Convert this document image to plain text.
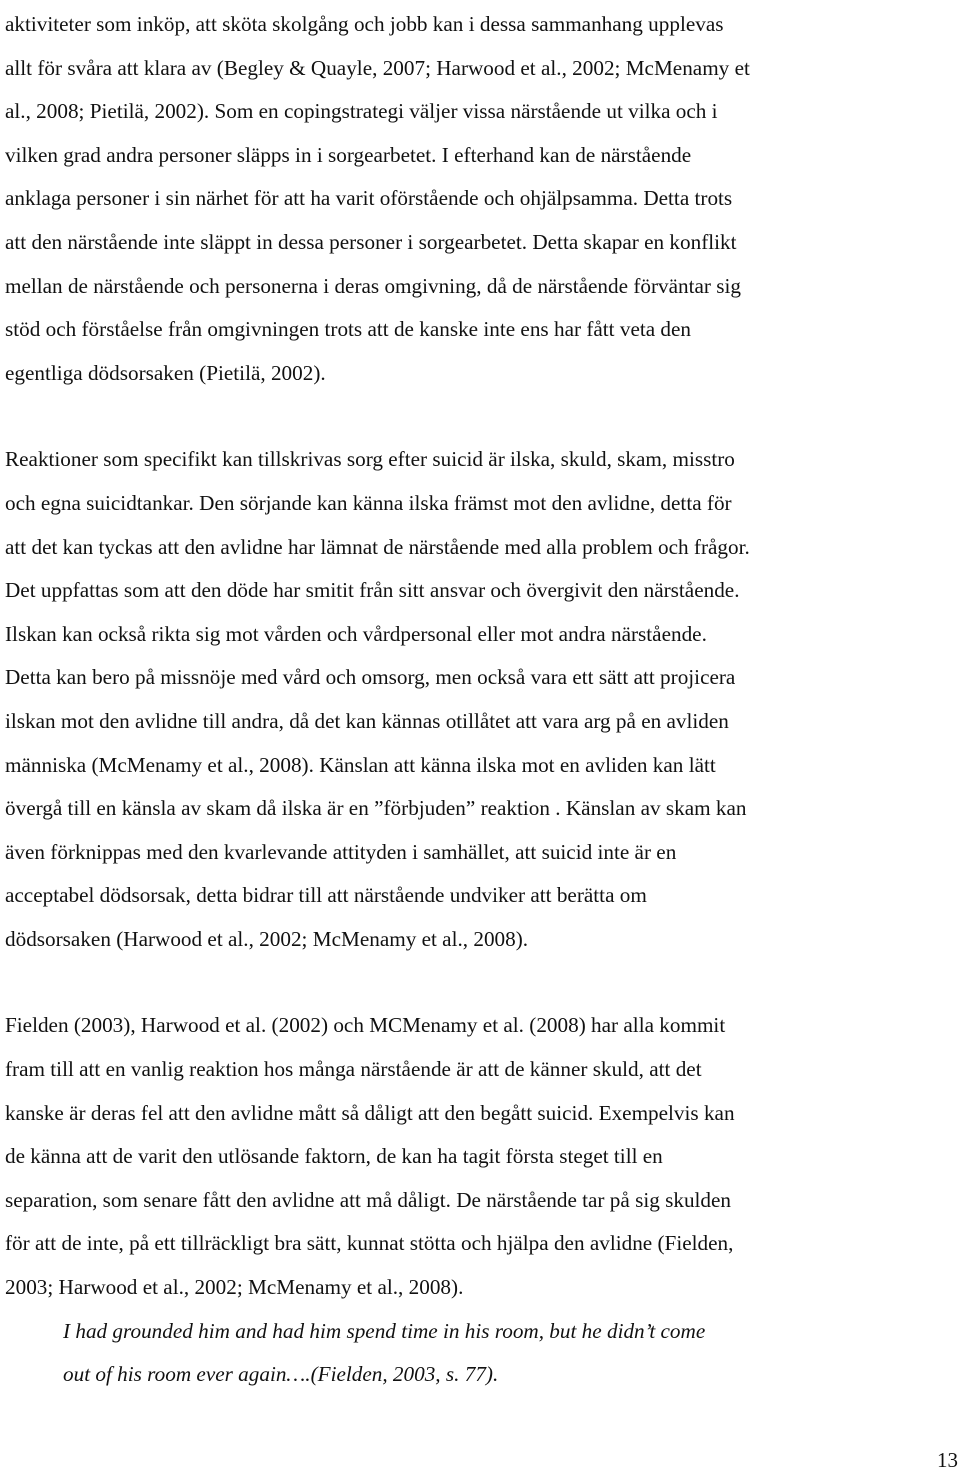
aktiviteter som inköp, att sköta skolgång och jobb kan i dessa sammanhang upplevas
allt för svåra att klara av (Begley & Quayle, 2007; Harwood et al., 2002; McMenamy et
al., 2008; Pietilä, 2002). Som en copingstrategi väljer vissa närstående ut vilka och i
vilken grad andra personer släpps in i sorgearbetet. I efterhand kan de närstående
anklaga personer i sin närhet för att ha varit oförstående och ohjälpsamma. Detta trots
att den närstående inte släppt in dessa personer i sorgearbetet. Detta skapar en konflikt
mellan de närstående och personerna i deras omgivning, då de närstående förväntar sig
stöd och förståelse från omgivningen trots att de kanske inte ens har fått veta den
egentliga dödsorsaken (Pietilä, 2002).

Reaktioner som specifikt kan tillskrivas sorg efter suicid är ilska, skuld, skam, misstro
och egna suicidtankar. Den sörjande kan känna ilska främst mot den avlidne, detta för
att det kan tyckas att den avlidne har lämnat de närstående med alla problem och frågor.
Det uppfattas som att den döde har smitit från sitt ansvar och övergivit den närstående.
Ilskan kan också rikta sig mot vården och vårdpersonal eller mot andra närstående.
Detta kan bero på missnöje med vård och omsorg, men också vara ett sätt att projicera
ilskan mot den avlidne till andra, då det kan kännas otillåtet att vara arg på en avliden
människa (McMenamy et al., 2008). Känslan att känna ilska mot en avliden kan lätt
övergå till en känsla av skam då ilska är en ”förbjuden” reaktion . Känslan av skam kan
även förknippas med den kvarlevande attityden i samhället, att suicid inte är en
acceptabel dödsorsak, detta bidrar till att närstående undviker att berätta om
dödsorsaken (Harwood et al., 2002; McMenamy et al., 2008).

Fielden (2003), Harwood et al. (2002) och MCMenamy et al. (2008) har alla kommit
fram till att en vanlig reaktion hos många närstående är att de känner skuld, att det
kanske är deras fel att den avlidne mått så dåligt att den begått suicid. Exempelvis kan
de känna att de varit den utlösande faktorn, de kan ha tagit första steget till en
separation, som senare fått den avlidne att må dåligt. De närstående tar på sig skulden
för att de inte, på ett tillräckligt bra sätt, kunnat stötta och hjälpa den avlidne (Fielden,
2003; Harwood et al., 2002; McMenamy et al., 2008).

I had grounded him and had him spend time in his room, but he didn’t come
out of his room ever again….(Fielden, 2003, s. 77).

13
